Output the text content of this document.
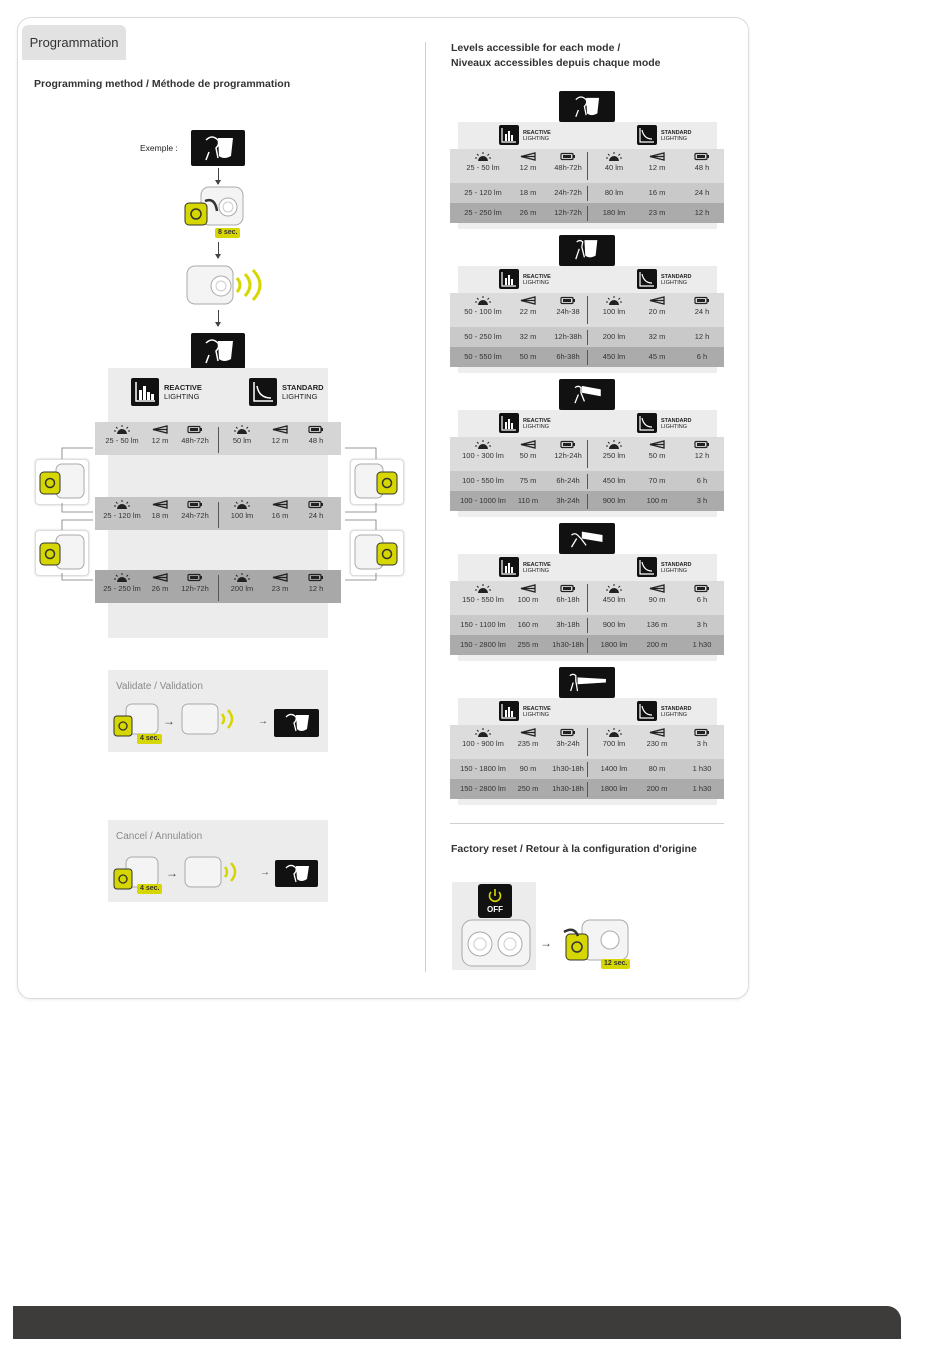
Programmation
Programming method / Méthode de programmation
Exemple :
8 sec.
REACTIVE
LIGHTING
STANDARD
LIGHTING
25 - 50 lm	12 m	48h-72h	50 lm	12 m	48 h
25 - 120 lm	18 m	24h-72h	100 lm	16 m	24 h
25 - 250 lm	26 m	12h-72h	200 lm	23 m	12 h
Validate / Validation
4 sec.
→	→
Cancel / Annulation
4 sec.
→	→
Levels accessible for each mode /
Niveaux accessibles depuis chaque mode
REACTIVE
LIGHTING
STANDARD
LIGHTING
25 - 50 lm	12 m	48h-72h	40 lm	12 m	48 h
25 - 120 lm	18 m	24h-72h	80 lm	16 m	24 h
25 - 250 lm	26 m	12h-72h	180 lm	23 m	12 h
REACTIVE
LIGHTING
STANDARD
LIGHTING
50 - 100 lm	22 m	24h-38	100 lm	20 m	24 h
50 - 250 lm	32 m	12h-38h	200 lm	32 m	12 h
50 - 550 lm	50 m	6h-38h	450 lm	45 m	6 h
REACTIVE
LIGHTING
STANDARD
LIGHTING
100 - 300 lm	50 m	12h-24h	250 lm	50 m	12 h
100 - 550 lm	75 m	6h-24h	450 lm	70 m	6 h
100 - 1000 lm	110 m	3h-24h	900 lm	100 m	3 h
REACTIVE
LIGHTING
STANDARD
LIGHTING
150 - 550 lm	100 m	6h-18h	450 lm	90 m	6 h
150 - 1100 lm	160 m	3h-18h	900 lm	136 m	3 h
150 - 2800 lm	255 m	1h30-18h	1800 lm	200 m	1 h30
REACTIVE
LIGHTING
STANDARD
LIGHTING
100 - 900 lm	235 m	3h-24h	700 lm	230 m	3 h
150 - 1800 lm	90 m	1h30-18h	1400 lm	80 m	1 h30
150 - 2800 lm	250 m	1h30-18h	1800 lm	200 m	1 h30
Factory reset / Retour à la configuration d'origine
OFF
→
12 sec.
